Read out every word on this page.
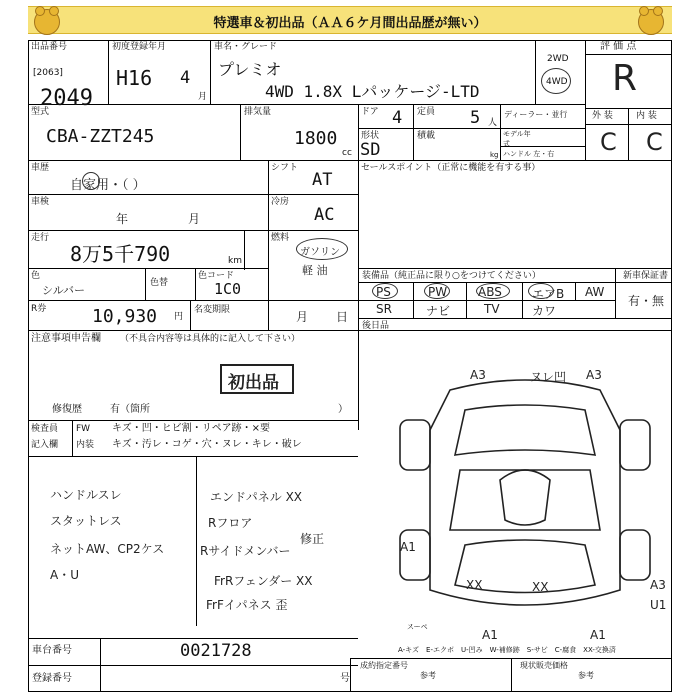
特選車＆初出品（ＡＡ６ケ月間出品歴が無い）
出品番号
[2063]
2049
初度登録年月
H16 4
月
車名・グレード
プレミオ
4WD 1.8X Lパッケージ-LTD
2WD
4WD
評 価 点
R
外 装	内 装
C C
型式
CBA-ZZT245
排気量
1800
cc
ドア 4 定員 5 人
ディーラー・並行
形状
SD
積載
kg
モデル年式
ハンドル 左・右
車歴
自家用・（ ）
シフト
AT
セールスポイント（正常に機能を有する事）
車検
年	月
冷房
AC
走行
8万5千790	km
燃料
ガソリン
軽 油
色
シルバー
色替
色コード
1C0
R券	10,930 円
名変期限	月 日
装備品（純正品に限り○をつけてください）	新車保証書
有・無
PS	PW	ABS	エアB AW
SR	ナビ	TV	カワ
後日品
注意事項申告欄 （不具合内容等は具体的に記入して下さい）
初出品
修復歴	有（箇所	）
検査員
記入欄
FW
内装
キズ・凹・ヒビ割・リペア跡・×要
キズ・汚レ・コゲ・穴・ヌレ・キレ・破レ
ハンドルスレ
スタットレス
ネットAW、CP2ケス
A・U
エンドパネル XX
Rフロア
Rサイドメンバー
修正
FrRフェンダー XX
FrFイパネス 歪
A3	ヌレ凹 A3
A1
XX	XX	A3
U1
A1	A1
スーペ
A-キズ　E-エクボ　U-凹み　W-補修跡　S-サビ　C-腐食　XX-交換済
車台番号	0021728
登録番号	号
成約指定番号
参考
現状販売価格
参考
